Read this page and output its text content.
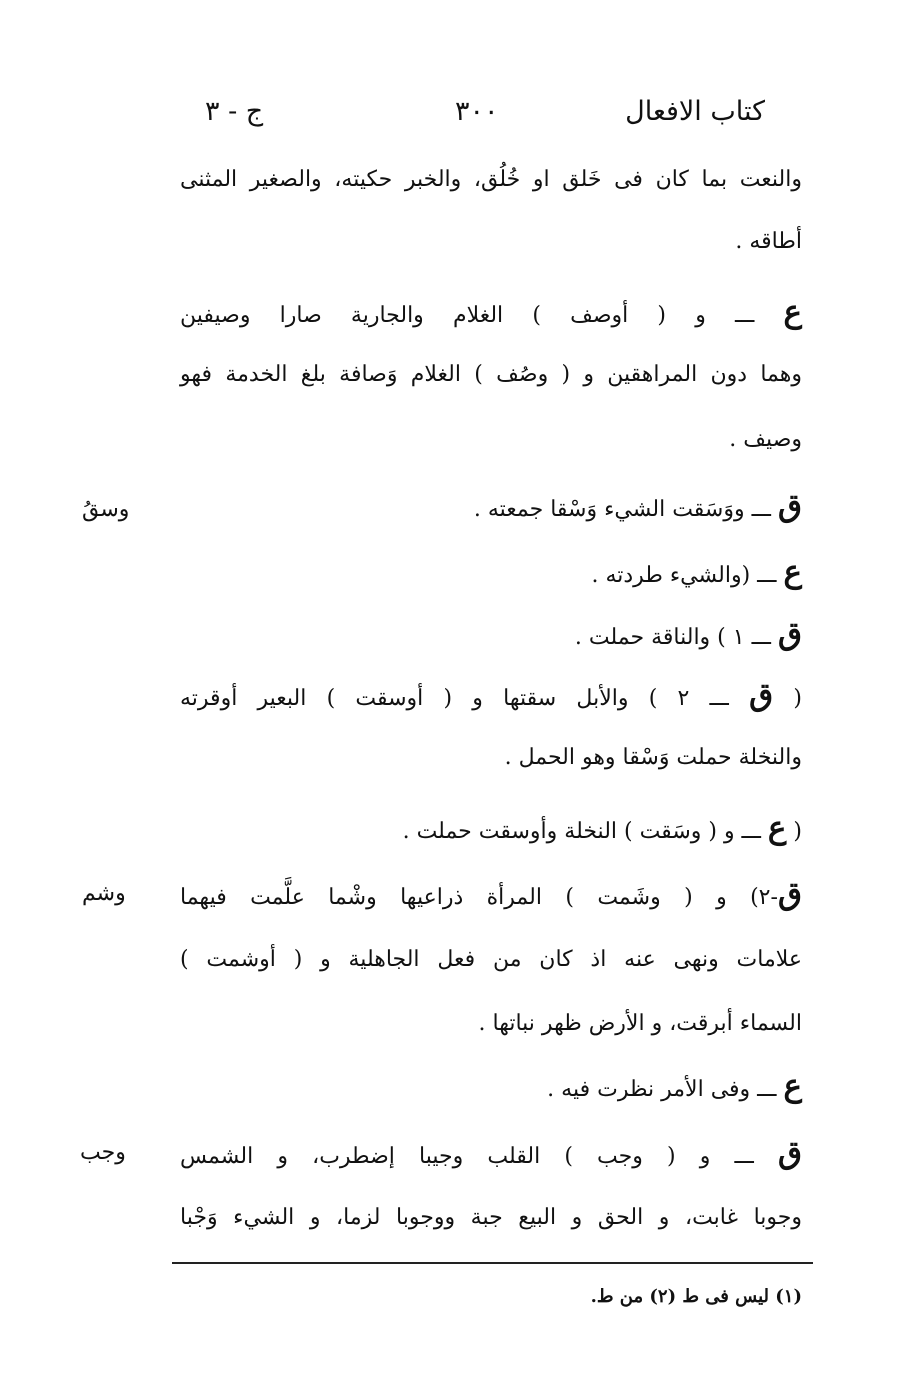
كتاب الافعال
٣٠٠
ج - ٣
والنعت بما كان فى خَلق او خُلُق، والخبر حكيته، والصغير المثنى
أطاقه .
ع ـــ و ( أوصف ) الغلام والجارية صارا وصيفين
وهما دون المراهقين و ( وصُف ) الغلام وَصافة بلغ الخدمة فهو
وصيف .
ق ـــ ووَسَقت الشيء وَسْقا جمعته .
وسقُ
ع ـــ (والشيء طردته .
ق ـــ ١ ) والناقة حملت .
( ق ـــ ٢ ) والأبل سقتها و ( أوسقت ) البعير أوقرته
والنخلة حملت وَسْقا وهو الحمل .
( ع ـــ و ( وسَقت ) النخلة وأوسقت حملت .
ق-٢) و ( وشَمت ) المرأة ذراعيها وشْما علَّمت فيهما
وشم
علامات ونهى عنه اذ كان من فعل الجاهلية و ( أوشمت )
السماء أبرقت، و الأرض ظهر نباتها .
ع ـــ وفى الأمر نظرت فيه .
ق ـــ و ( وجب ) القلب وجيبا إضطرب، و الشمس
وجب
وجوبا غابت، و الحق و البيع جبة ووجوبا لزما، و الشيء وَجْبا
(١) ليس فى ط (٢) من ط.
